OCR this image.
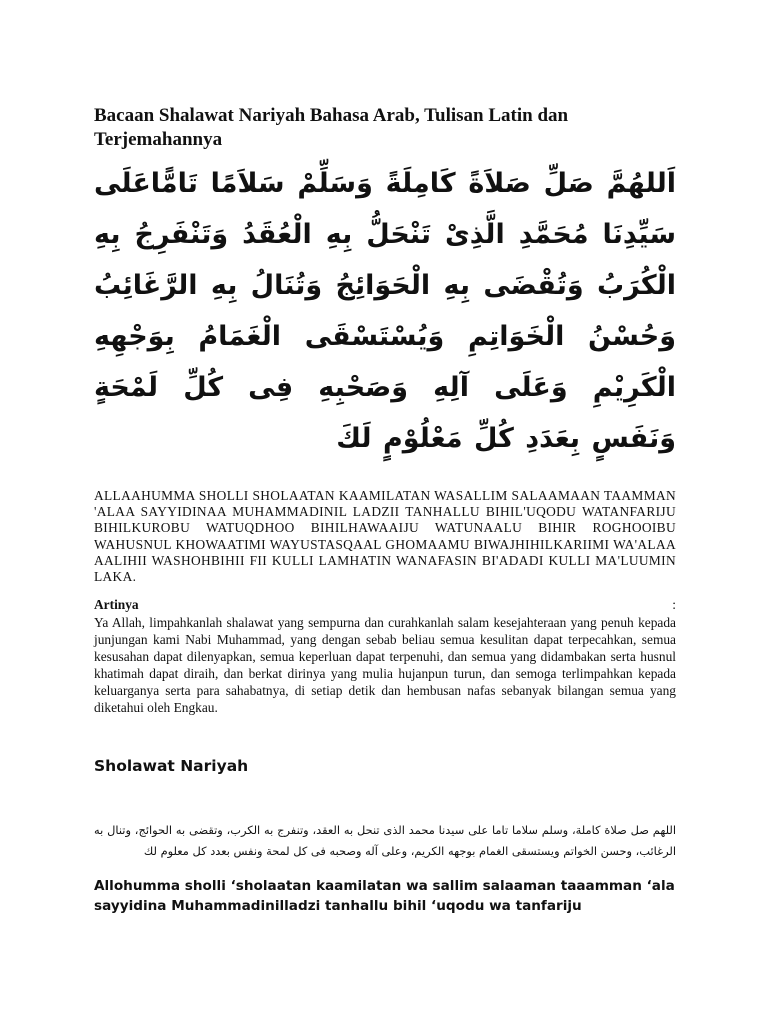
Bacaan Shalawat Nariyah Bahasa Arab, Tulisan Latin dan Terjemahannya

اَللهُمَّ صَلِّ صَلاَةً كَامِلَةً وَسَلِّمْ سَلاَمًا تَامًّاعَلَى سَيِّدِنَا مُحَمَّدِ الَّذِىْ تَنْحَلُّ بِهِ الْعُقَدُ وَتَنْفَرِجُ بِهِ الْكُرَبُ وَتُقْضَى بِهِ الْحَوَائِجُ وَتُنَالُ بِهِ الرَّغَائِبُ وَحُسْنُ الْخَوَاتِمِ وَيُسْتَسْقَى الْغَمَامُ بِوَجْهِهِ الْكَرِيْمِ وَعَلَى آلِهِ وَصَحْبِهِ فِى كُلِّ لَمْحَةٍ وَنَفَسٍ بِعَدَدِ كُلِّ مَعْلُوْمٍ لَكَ

ALLAAHUMMA SHOLLI SHOLAATAN KAAMILATAN WASALLIM SALAAMAAN TAAMMAN 'ALAA SAYYIDINAA MUHAMMADINIL LADZII TANHALLU BIHIL'UQODU WATANFARIJU BIHILKUROBU WATUQDHOO BIHILHAWAAIJU WATUNAALU BIHIR ROGHOOIBU WAHUSNUL KHOWAATIMI WAYUSTASQAAL GHOMAAMU BIWAJHIHILKARIIMI WA'ALAA AALIHII WASHOHBIHII FII KULLI LAMHATIN WANAFASIN BI'ADADI KULLI MA'LUUMIN LAKA.

Artinya	:

Ya Allah, limpahkanlah shalawat yang sempurna dan curahkanlah salam kesejahteraan yang penuh kepada junjungan kami Nabi Muhammad, yang dengan sebab beliau semua kesulitan dapat terpecahkan, semua kesusahan dapat dilenyapkan, semua keperluan dapat terpenuhi, dan semua yang didambakan serta husnul khatimah dapat diraih, dan berkat dirinya yang mulia hujanpun turun, dan semoga terlimpahkan kepada keluarganya serta para sahabatnya, di setiap detik dan hembusan nafas sebanyak bilangan semua yang diketahui oleh Engkau.

Sholawat Nariyah

اللهم صل صلاة كاملة، وسلم سلاما تاما على سيدنا محمد الذى تنحل به العقد، وتنفرج به الكرب، وتقضى به الحوائج، وتنال به الرغائب، وحسن الخواتم ويستسقى الغمام بوجهه الكريم، وعلى آله وصحبه فى كل لمحة ونفس بعدد كل معلوم لك

Allohumma sholli ‘sholaatan kaamilatan wa sallim salaaman taaamman ‘ala sayyidina Muhammadinilladzi tanhallu bihil ‘uqodu wa tanfariju
